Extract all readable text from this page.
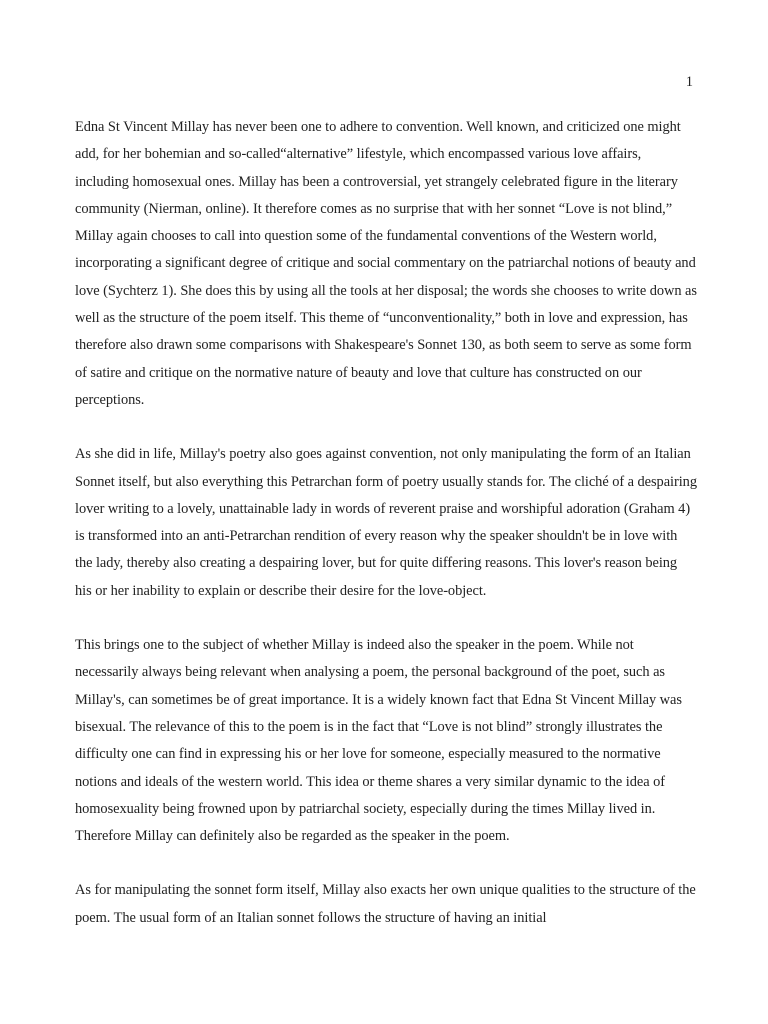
1

Edna St Vincent Millay has never been one to adhere to convention. Well known, and criticized one might add, for her bohemian and so-called“alternative” lifestyle, which encompassed various love affairs, including homosexual ones. Millay has been a controversial, yet strangely celebrated figure in the literary community (Nierman, online). It therefore comes as no surprise that with her sonnet “Love is not blind,” Millay again chooses to call into question some of the fundamental conventions of the Western world, incorporating a significant degree of critique and social commentary on the patriarchal notions of beauty and love (Sychterz 1). She does this by using all the tools at her disposal; the words she chooses to write down as well as the structure of the poem itself. This theme of “unconventionality,” both in love and expression, has therefore also drawn some comparisons with Shakespeare's Sonnet 130, as both seem to serve as some form of satire and critique on the normative nature of beauty and love that culture has constructed on our perceptions.

As she did in life, Millay's poetry also goes against convention, not only manipulating the form of an Italian Sonnet itself, but also everything this Petrarchan form of poetry usually stands for. The cliché of a despairing lover writing to a lovely, unattainable lady in words of reverent praise and worshipful adoration (Graham 4) is transformed into an anti-Petrarchan rendition of every reason why the speaker shouldn't be in love with the lady, thereby also creating a despairing lover, but for quite differing reasons. This lover's reason being his or her inability to explain or describe their desire for the love-object.

This brings one to the subject of whether Millay is indeed also the speaker in the poem. While not necessarily always being relevant when analysing a poem, the personal background of the poet, such as Millay's, can sometimes be of great importance. It is a widely known fact that Edna St Vincent Millay was bisexual. The relevance of this to the poem is in the fact that “Love is not blind” strongly illustrates the difficulty one can find in expressing his or her love for someone, especially measured to the normative notions and ideals of the western world. This idea or theme shares a very similar dynamic to the idea of homosexuality being frowned upon by patriarchal society, especially during the times Millay lived in. Therefore Millay can definitely also be regarded as the speaker in the poem.

As for manipulating the sonnet form itself, Millay also exacts her own unique qualities to the structure of the poem. The usual form of an Italian sonnet follows the structure of having an initial
